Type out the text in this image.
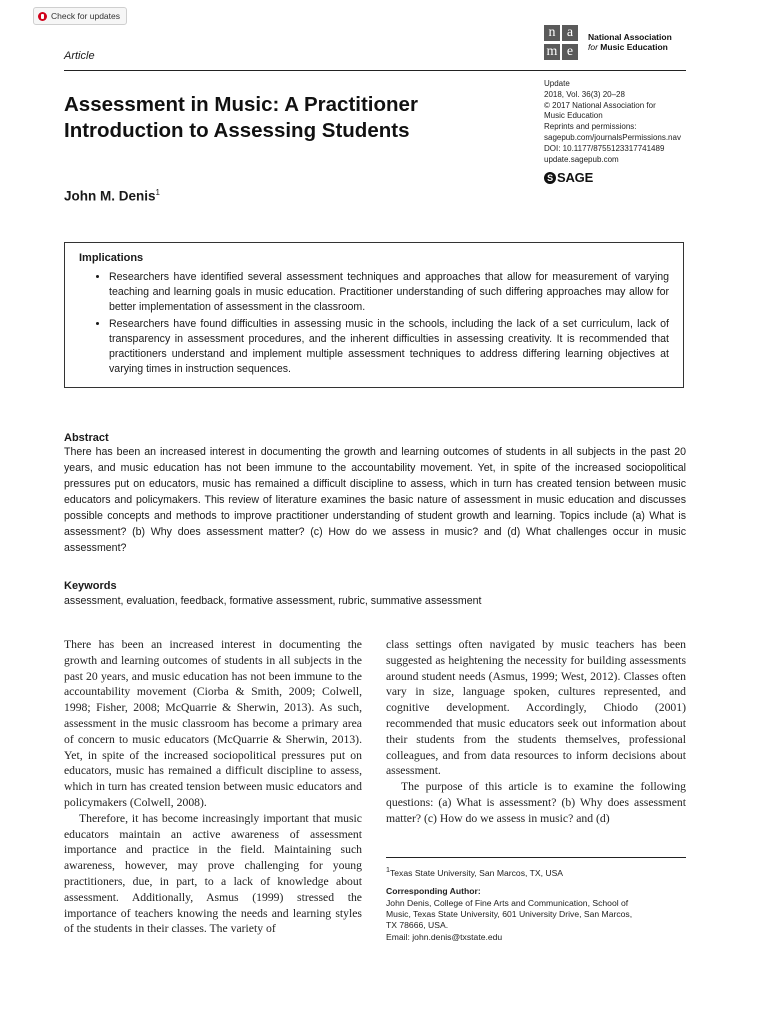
Check for updates
Article
n a
m e
National Association
for Music Education
Assessment in Music: A Practitioner Introduction to Assessing Students
John M. Denis$^1$
Update
2018, Vol. 36(3) 20–28
© 2017 National Association for
Music Education
Reprints and permissions:
sagepub.com/journalsPermissions.nav
DOI: 10.1177/8755123317741489
update.sagepub.com
S SAGE
Implications
• Researchers have identified several assessment techniques and approaches that allow for measurement of varying teaching and learning goals in music education. Practitioner understanding of such differing approaches may allow for better implementation of assessment in the classroom.
• Researchers have found difficulties in assessing music in the schools, including the lack of a set curriculum, lack of transparency in assessment procedures, and the inherent difficulties in assessing creativity. It is recommended that practitioners understand and implement multiple assessment techniques to address differing learning objectives at varying times in instruction sequences.
Abstract

There has been an increased interest in documenting the growth and learning outcomes of students in all subjects in the past 20 years, and music education has not been immune to the accountability movement. Yet, in spite of the increased sociopolitical pressures put on educators, music has remained a difficult discipline to assess, which in turn has created tension between music educators and policymakers. This review of literature examines the basic nature of assessment in music education and discusses possible concepts and methods to improve practitioner understanding of student growth and learning. Topics include (a) What is assessment? (b) Why does assessment matter? (c) How do we assess in music? and (d) What challenges occur in music assessment?

Keywords

assessment, evaluation, feedback, formative assessment, rubric, summative assessment

There has been an increased interest in documenting the growth and learning outcomes of students in all subjects in the past 20 years, and music education has not been immune to the accountability movement (Ciorba & Smith, 2009; Colwell, 1998; Fisher, 2008; McQuarrie & Sherwin, 2013). As such, assessment in the music classroom has become a primary area of concern to music educators (McQuarrie & Sherwin, 2013). Yet, in spite of the increased sociopolitical pressures put on educators, music has remained a difficult discipline to assess, which in turn has created tension between music educators and policymakers (Colwell, 2008).

Therefore, it has become increasingly important that music educators maintain an active awareness of assessment importance and practice in the field. Maintaining such awareness, however, may prove challenging for young practitioners, due, in part, to a lack of knowledge about assessment. Additionally, Asmus (1999) stressed the importance of teachers knowing the needs and learning styles of the students in their classes. The variety of

class settings often navigated by music teachers has been suggested as heightening the necessity for building assessments around student needs (Asmus, 1999; West, 2012). Classes often vary in size, language spoken, cultures represented, and cognitive development. Accordingly, Chiodo (2001) recommended that music educators seek out information about their students from the students themselves, professional colleagues, and from data resources to inform decisions about assessment.

The purpose of this article is to examine the following questions: (a) What is assessment? (b) Why does assessment matter? (c) How do we assess in music? and (d)

$^1$Texas State University, San Marcos, TX, USA

Corresponding Author:

John Denis, College of Fine Arts and Communication, School of

Music, Texas State University, 601 University Drive, San Marcos,

TX 78666, USA.

Email: john.denis@txstate.edu
